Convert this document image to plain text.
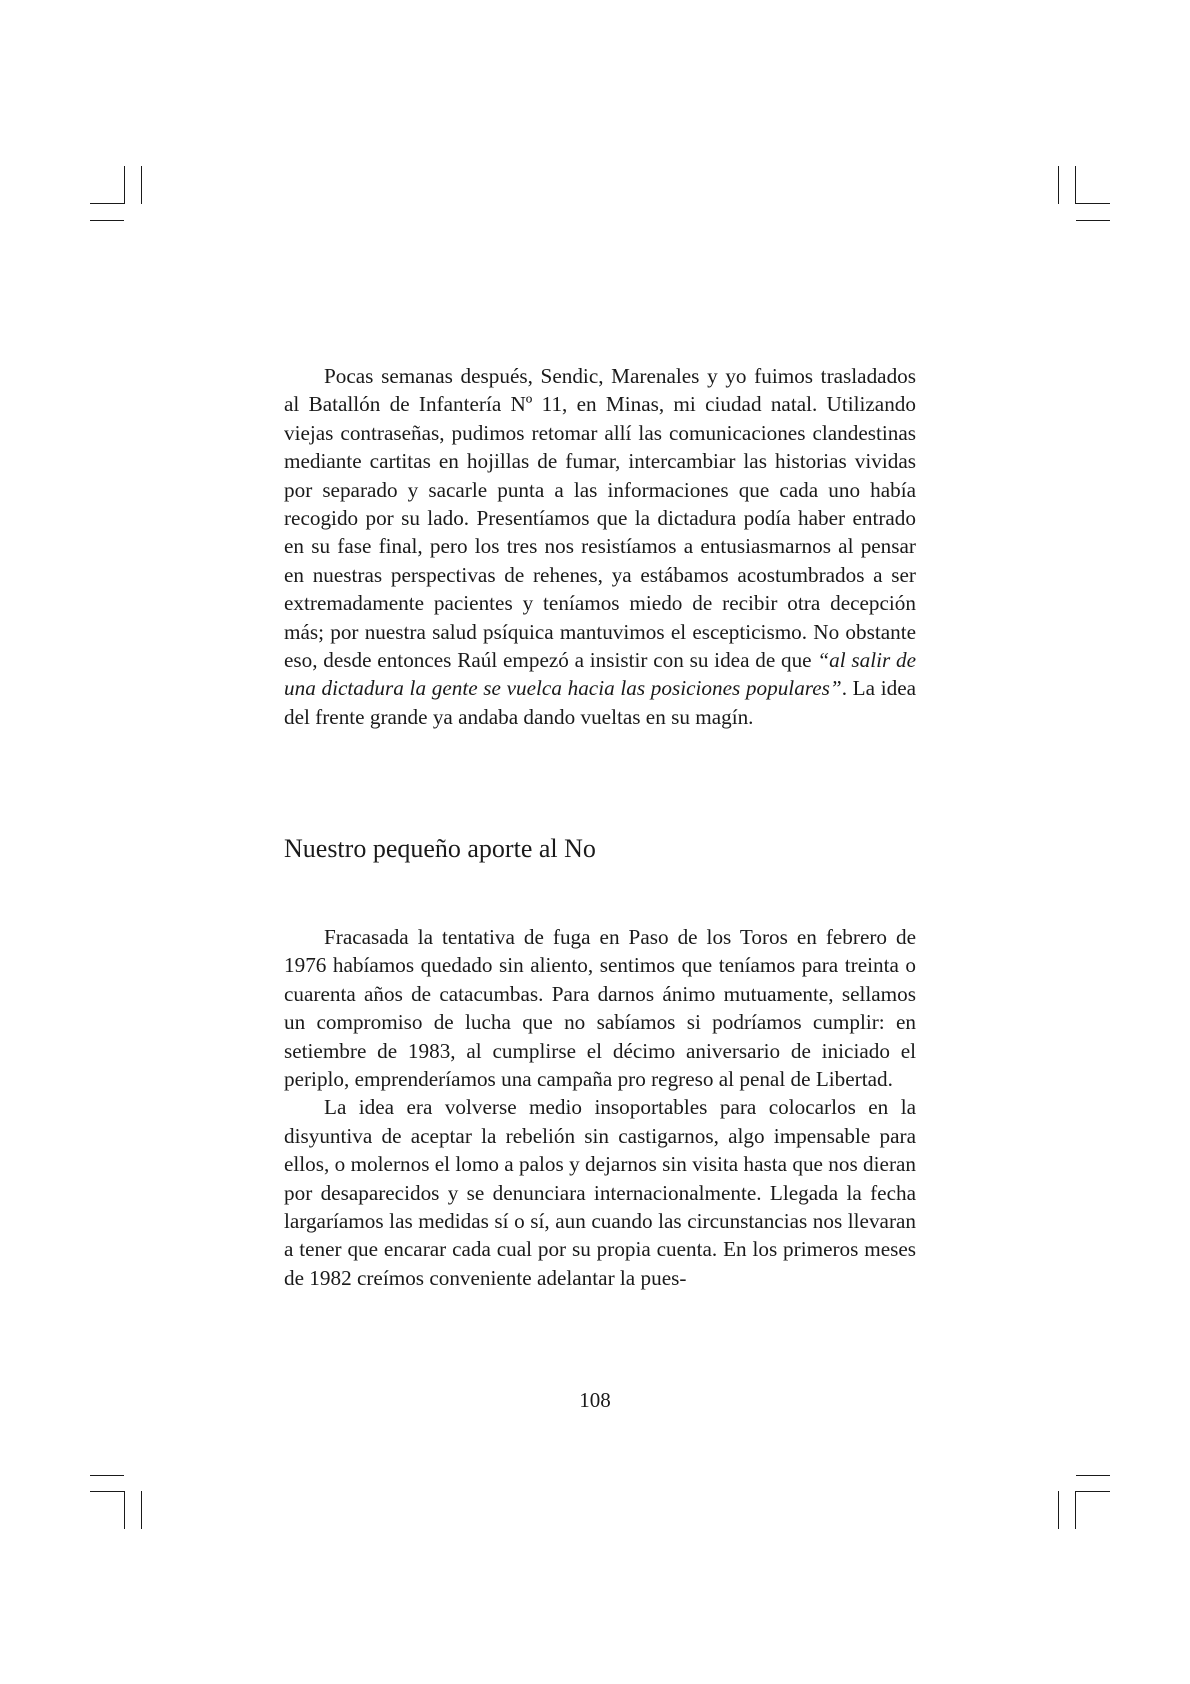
Pocas semanas después, Sendic, Marenales y yo fuimos trasladados al Batallón de Infantería Nº 11, en Minas, mi ciudad natal. Utilizando viejas contraseñas, pudimos retomar allí las comunicaciones clandestinas mediante cartitas en hojillas de fumar, intercambiar las historias vividas por separado y sacarle punta a las informaciones que cada uno había recogido por su lado. Presentíamos que la dictadura podía haber entrado en su fase final, pero los tres nos resistíamos a entusiasmarnos al pensar en nuestras perspectivas de rehenes, ya estábamos acostumbrados a ser extremadamente pacientes y teníamos miedo de recibir otra decepción más; por nuestra salud psíquica mantuvimos el escepticismo. No obstante eso, desde entonces Raúl empezó a insistir con su idea de que “al salir de una dictadura la gente se vuelca hacia las posiciones populares”. La idea del frente grande ya andaba dando vueltas en su magín.

Nuestro pequeño aporte al No

Fracasada la tentativa de fuga en Paso de los Toros en febrero de 1976 habíamos quedado sin aliento, sentimos que teníamos para treinta o cuarenta años de catacumbas. Para darnos ánimo mutuamente, sellamos un compromiso de lucha que no sabíamos si podríamos cumplir: en setiembre de 1983, al cumplirse el décimo aniversario de iniciado el periplo, emprenderíamos una campaña pro regreso al penal de Libertad.

La idea era volverse medio insoportables para colocarlos en la disyuntiva de aceptar la rebelión sin castigarnos, algo impensable para ellos, o molernos el lomo a palos y dejarnos sin visita hasta que nos dieran por desaparecidos y se denunciara internacionalmente. Llegada la fecha largaríamos las medidas sí o sí, aun cuando las circunstancias nos llevaran a tener que encarar cada cual por su propia cuenta. En los primeros meses de 1982 creímos conveniente adelantar la pues-

108
